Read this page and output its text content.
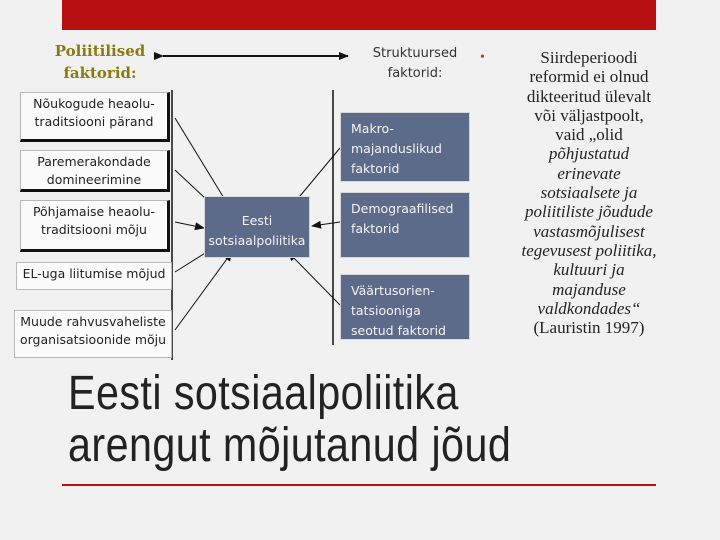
Poliitilised faktorid:
Struktuursed faktorid:
Nõukogude heaolu-traditsiooni pärand
Paremerakondade domineerimine
Põhjamaise heaolu-traditsiooni mõju
EL-uga liitumise mõjud
Muude rahvusvaheliste organisatsioonide mõju
Eesti sotsiaalpoliitika
Makro-majanduslikud faktorid
Demograafilised faktorid
Väärtusorien-tatsiooniga seotud faktorid
•	Siirdeperioodi
reformid ei olnud
dikteeritud ülevalt
või väljastpoolt,
vaid „olid
põhjustatud
erinevate
sotsiaalsete ja
poliitiliste jõudude
vastasmõjulisest
tegevusest poliitika,
kultuuri ja
majanduse
valdkondades“
(Lauristin 1997)
Eesti sotsiaalpoliitika
arengut mõjutanud jõud
